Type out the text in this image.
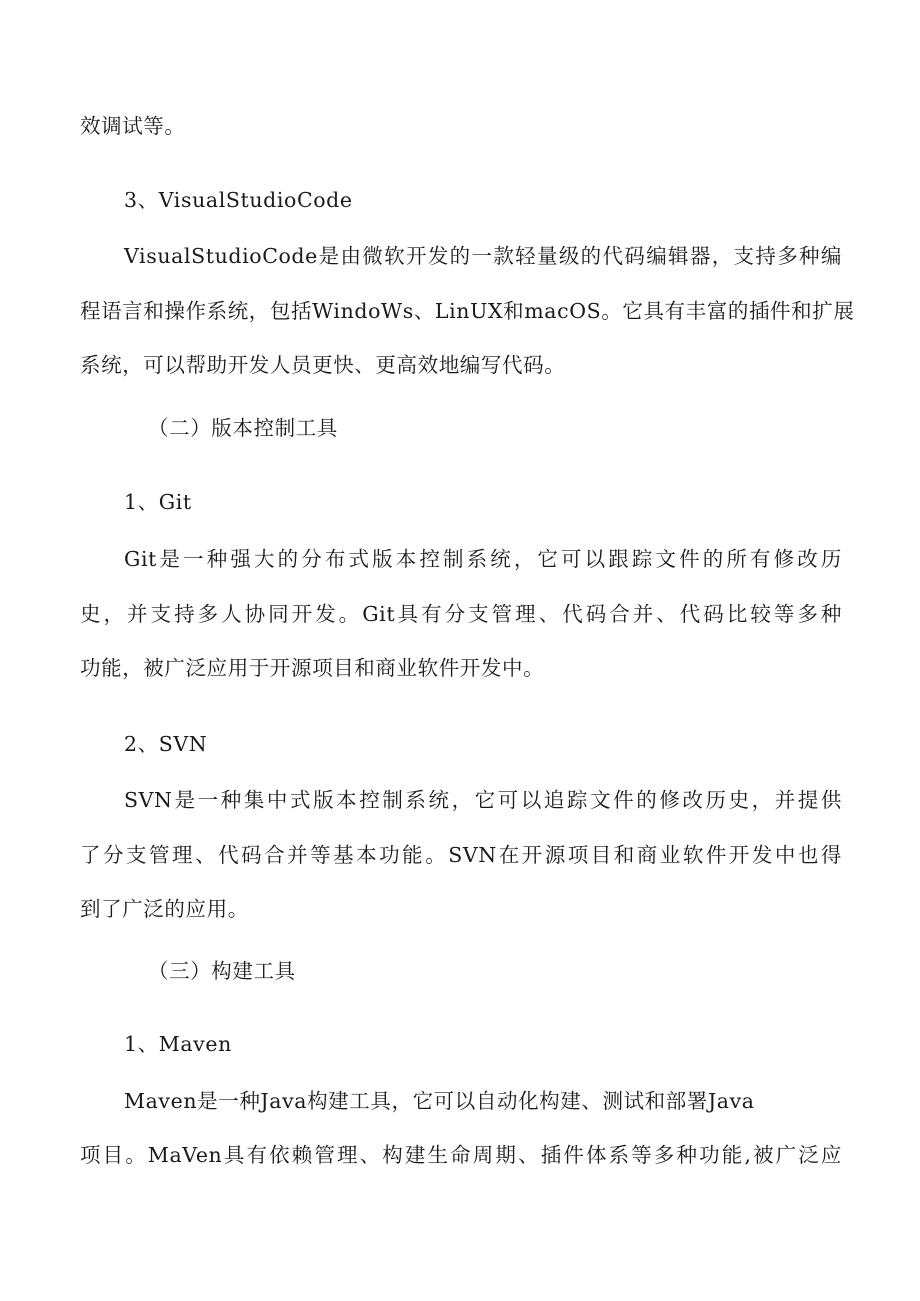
效调试等。
3、VisualStudioCode
VisualStudioCode是由微软开发的一款轻量级的代码编辑器，支持多种编
程语言和操作系统，包括WindoWs、LinUX和macOS。它具有丰富的插件和扩展
系统，可以帮助开发人员更快、更高效地编写代码。
（二）版本控制工具
1、Git
Git是一种强大的分布式版本控制系统，它可以跟踪文件的所有修改历
史，并支持多人协同开发。Git具有分支管理、代码合并、代码比较等多种
功能，被广泛应用于开源项目和商业软件开发中。
2、SVN
SVN是一种集中式版本控制系统，它可以追踪文件的修改历史，并提供
了分支管理、代码合并等基本功能。SVN在开源项目和商业软件开发中也得
到了广泛的应用。
（三）构建工具
1、Maven
Maven是一种Java构建工具，它可以自动化构建、测试和部署Java
项目。MaVen具有依赖管理、构建生命周期、插件体系等多种功能,被广泛应
